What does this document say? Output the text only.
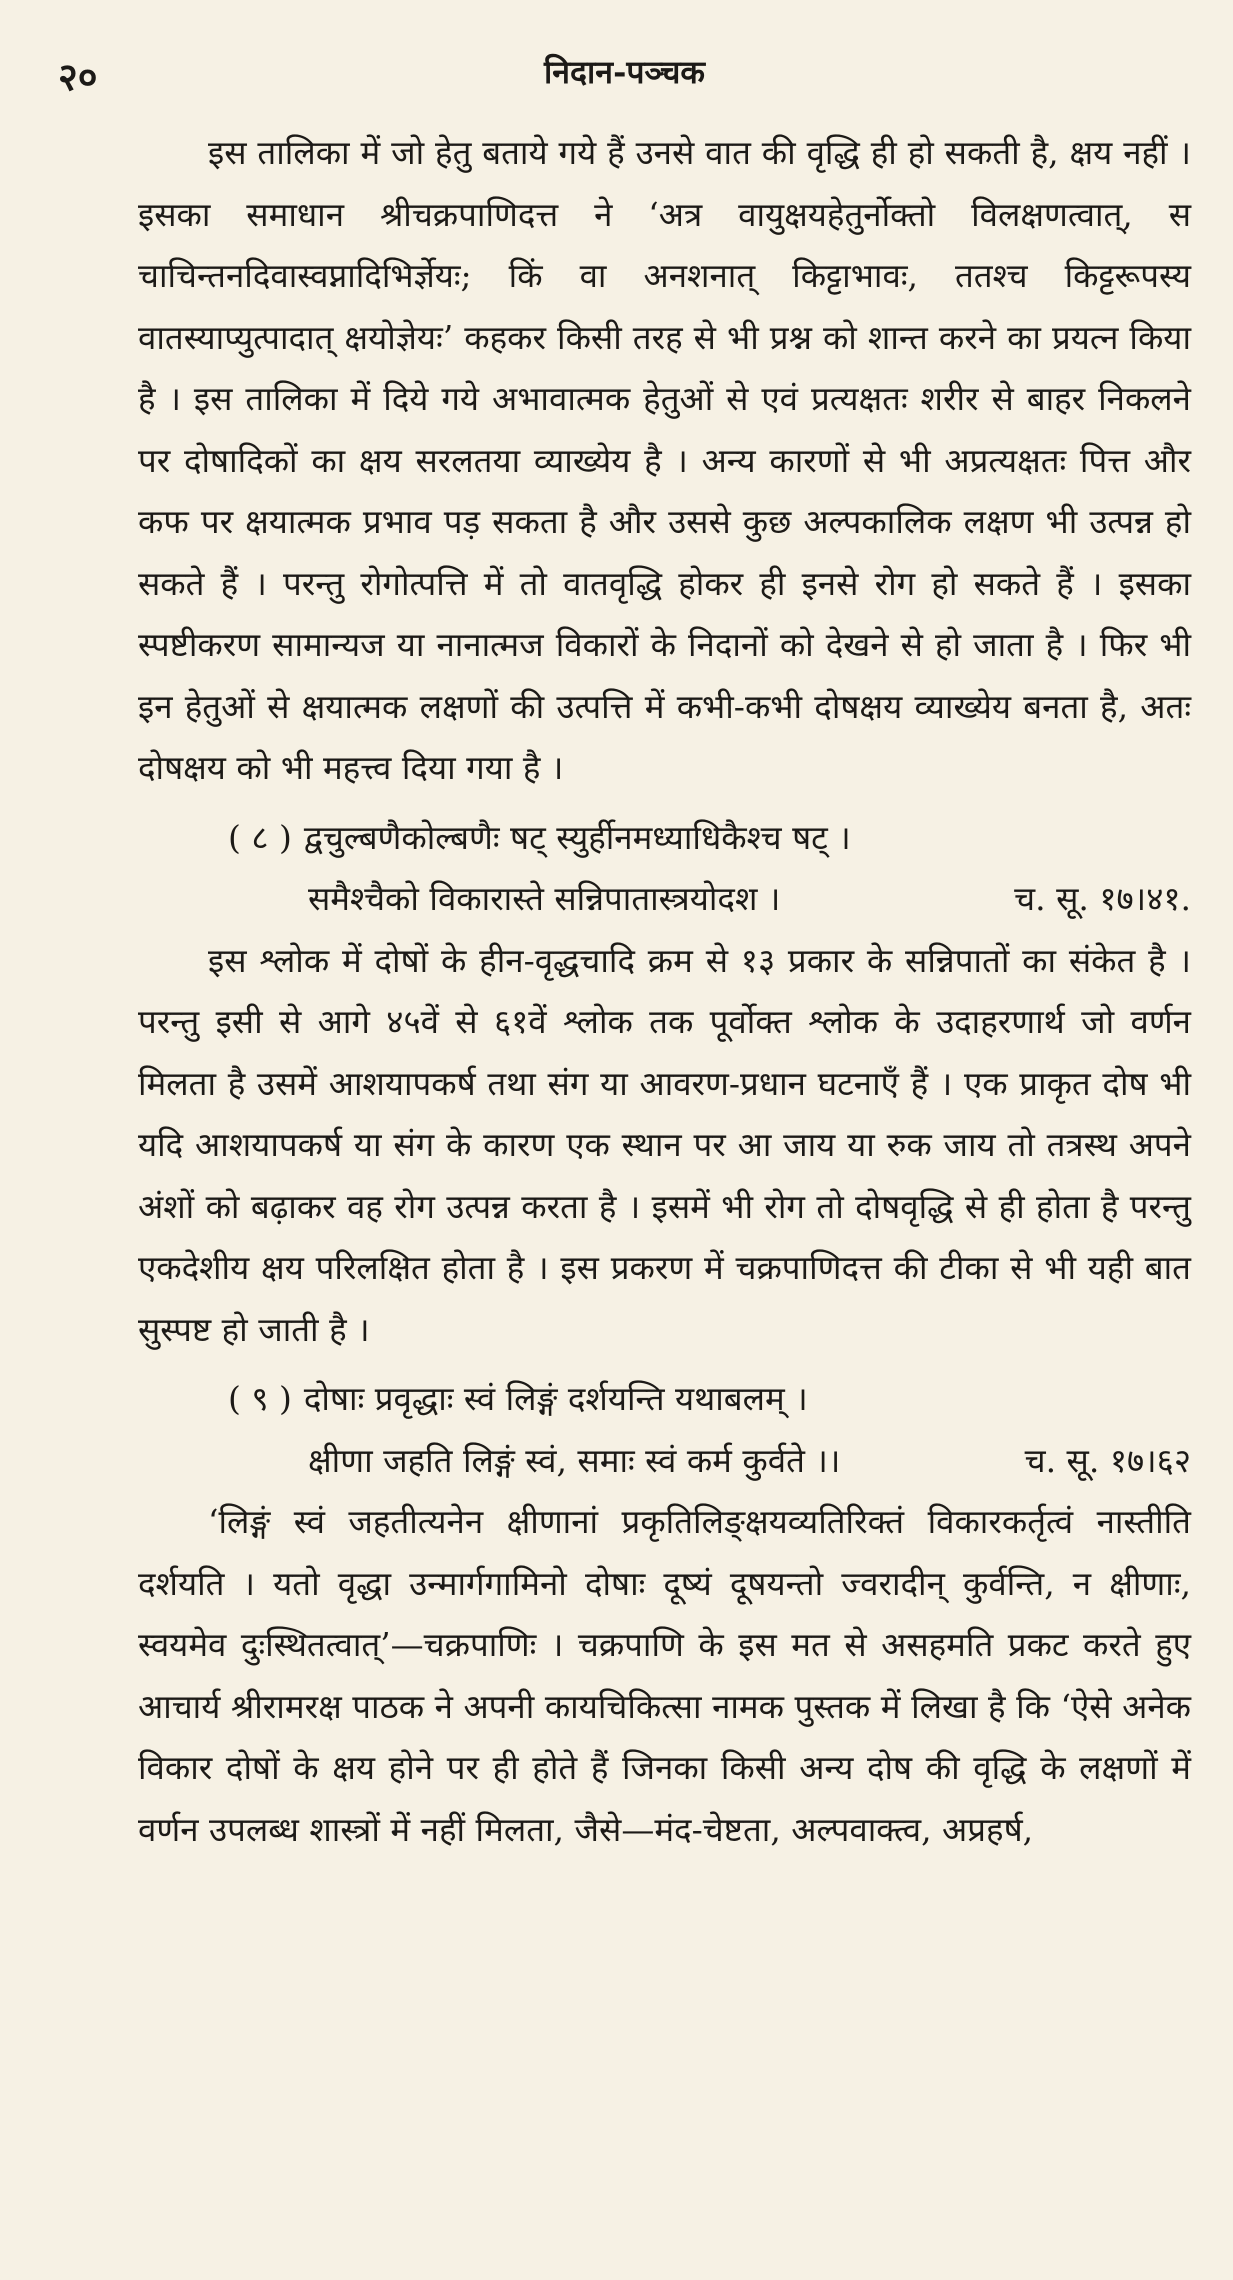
२०	निदान-पञ्चक

इस तालिका में जो हेतु बताये गये हैं उनसे वात की वृद्धि ही हो सकती है, क्षय नहीं । इसका समाधान श्रीचक्रपाणिदत्त ने ‘अत्र वायुक्षयहेतुर्नोक्तो विलक्षणत्वात्, स चाचिन्तनदिवास्वप्नादिभिर्ज्ञेयः; किं वा अनशनात् किट्टाभावः, ततश्च किट्टरूपस्य वातस्याप्युत्पादात् क्षयोज्ञेयः’ कहकर किसी तरह से भी प्रश्न को शान्त करने का प्रयत्न किया है । इस तालिका में दिये गये अभावात्मक हेतुओं से एवं प्रत्यक्षतः शरीर से बाहर निकलने पर दोषादिकों का क्षय सरलतया व्याख्येय है । अन्य कारणों से भी अप्रत्यक्षतः पित्त और कफ पर क्षयात्मक प्रभाव पड़ सकता है और उससे कुछ अल्पकालिक लक्षण भी उत्पन्न हो सकते हैं । परन्तु रोगोत्पत्ति में तो वातवृद्धि होकर ही इनसे रोग हो सकते हैं । इसका स्पष्टीकरण सामान्यज या नानात्मज विकारों के निदानों को देखने से हो जाता है । फिर भी इन हेतुओं से क्षयात्मक लक्षणों की उत्पत्ति में कभी-कभी दोषक्षय व्याख्येय बनता है, अतः दोषक्षय को भी महत्त्व दिया गया है ।

( ८ ) द्वचुल्बणैकोल्बणैः षट् स्युर्हीनमध्याधिकैश्च षट् ।
समैश्चैको विकारास्ते सन्निपातास्त्रयोदश ।	च. सू. १७।४१.

इस श्लोक में दोषों के हीन-वृद्धचादि क्रम से १३ प्रकार के सन्निपातों का संकेत है । परन्तु इसी से आगे ४५वें से ६१वें श्लोक तक पूर्वोक्त श्लोक के उदाहरणार्थ जो वर्णन मिलता है उसमें आशयापकर्ष तथा संग या आवरण-प्रधान घटनाएँ हैं । एक प्राकृत दोष भी यदि आशयापकर्ष या संग के कारण एक स्थान पर आ जाय या रुक जाय तो तत्रस्थ अपने अंशों को बढ़ाकर वह रोग उत्पन्न करता है । इसमें भी रोग तो दोषवृद्धि से ही होता है परन्तु एकदेशीय क्षय परिलक्षित होता है । इस प्रकरण में चक्रपाणिदत्त की टीका से भी यही बात सुस्पष्ट हो जाती है ।

( ९ ) दोषाः प्रवृद्धाः स्वं लिङ्गं दर्शयन्ति यथाबलम् ।
क्षीणा जहति लिङ्गं स्वं, समाः स्वं कर्म कुर्वते ।।	च. सू. १७।६२

‘लिङ्गं स्वं जहतीत्यनेन क्षीणानां प्रकृतिलिङ्क्षयव्यतिरिक्तं विकारकर्तृत्वं नास्तीति दर्शयति । यतो वृद्धा उन्मार्गगामिनो दोषाः दूष्यं दूषयन्तो ज्वरादीन् कुर्वन्ति, न क्षीणाः, स्वयमेव दुःस्थितत्वात्’—चक्रपाणिः । चक्रपाणि के इस मत से असहमति प्रकट करते हुए आचार्य श्रीरामरक्ष पाठक ने अपनी कायचिकित्सा नामक पुस्तक में लिखा है कि ‘ऐसे अनेक विकार दोषों के क्षय होने पर ही होते हैं जिनका किसी अन्य दोष की वृद्धि के लक्षणों में वर्णन उपलब्ध शास्त्रों में नहीं मिलता, जैसे—मंद-चेष्टता, अल्पवाक्त्व, अप्रहर्ष,
